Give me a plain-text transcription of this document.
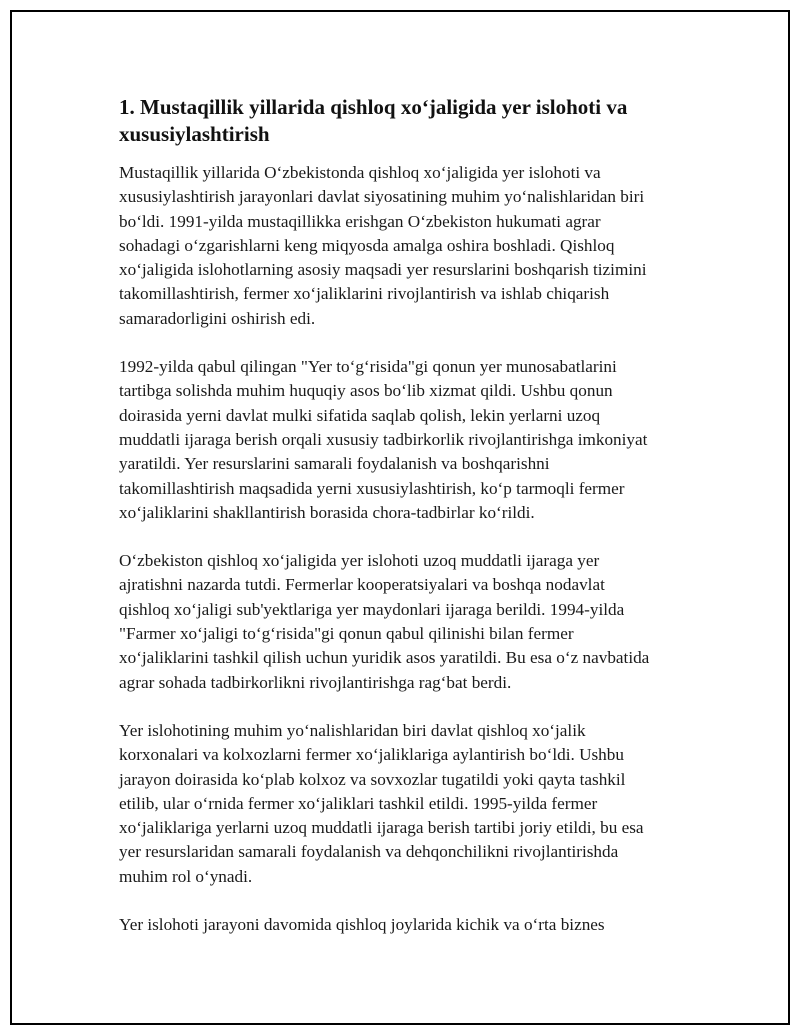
1. Mustaqillik yillarida qishloq xo‘jaligida yer islohoti va xususiylashtirish

Mustaqillik yillarida O‘zbekistonda qishloq xo‘jaligida yer islohoti va
xususiylashtirish jarayonlari davlat siyosatining muhim yo‘nalishlaridan biri
bo‘ldi. 1991-yilda mustaqillikka erishgan O‘zbekiston hukumati agrar
sohadagi o‘zgarishlarni keng miqyosda amalga oshira boshladi. Qishloq
xo‘jaligida islohotlarning asosiy maqsadi yer resurslarini boshqarish tizimini
takomillashtirish, fermer xo‘jaliklarini rivojlantirish va ishlab chiqarish
samaradorligini oshirish edi.

1992-yilda qabul qilingan "Yer to‘g‘risida"gi qonun yer munosabatlarini
tartibga solishda muhim huquqiy asos bo‘lib xizmat qildi. Ushbu qonun
doirasida yerni davlat mulki sifatida saqlab qolish, lekin yerlarni uzoq
muddatli ijaraga berish orqali xususiy tadbirkorlik rivojlantirishga imkoniyat
yaratildi. Yer resurslarini samarali foydalanish va boshqarishni
takomillashtirish maqsadida yerni xususiylashtirish, ko‘p tarmoqli fermer
xo‘jaliklarini shakllantirish borasida chora-tadbirlar ko‘rildi.

O‘zbekiston qishloq xo‘jaligida yer islohoti uzoq muddatli ijaraga yer
ajratishni nazarda tutdi. Fermerlar kooperatsiyalari va boshqa nodavlat
qishloq xo‘jaligi sub'yektlariga yer maydonlari ijaraga berildi. 1994-yilda
"Farmer xo‘jaligi to‘g‘risida"gi qonun qabul qilinishi bilan fermer
xo‘jaliklarini tashkil qilish uchun yuridik asos yaratildi. Bu esa o‘z navbatida
agrar sohada tadbirkorlikni rivojlantirishga rag‘bat berdi.

Yer islohotining muhim yo‘nalishlaridan biri davlat qishloq xo‘jalik
korxonalari va kolxozlarni fermer xo‘jaliklariga aylantirish bo‘ldi. Ushbu
jarayon doirasida ko‘plab kolxoz va sovxozlar tugatildi yoki qayta tashkil
etilib, ular o‘rnida fermer xo‘jaliklari tashkil etildi. 1995-yilda fermer
xo‘jaliklariga yerlarni uzoq muddatli ijaraga berish tartibi joriy etildi, bu esa
yer resurslaridan samarali foydalanish va dehqonchilikni rivojlantirishda
muhim rol o‘ynadi.

Yer islohoti jarayoni davomida qishloq joylarida kichik va o‘rta biznes
